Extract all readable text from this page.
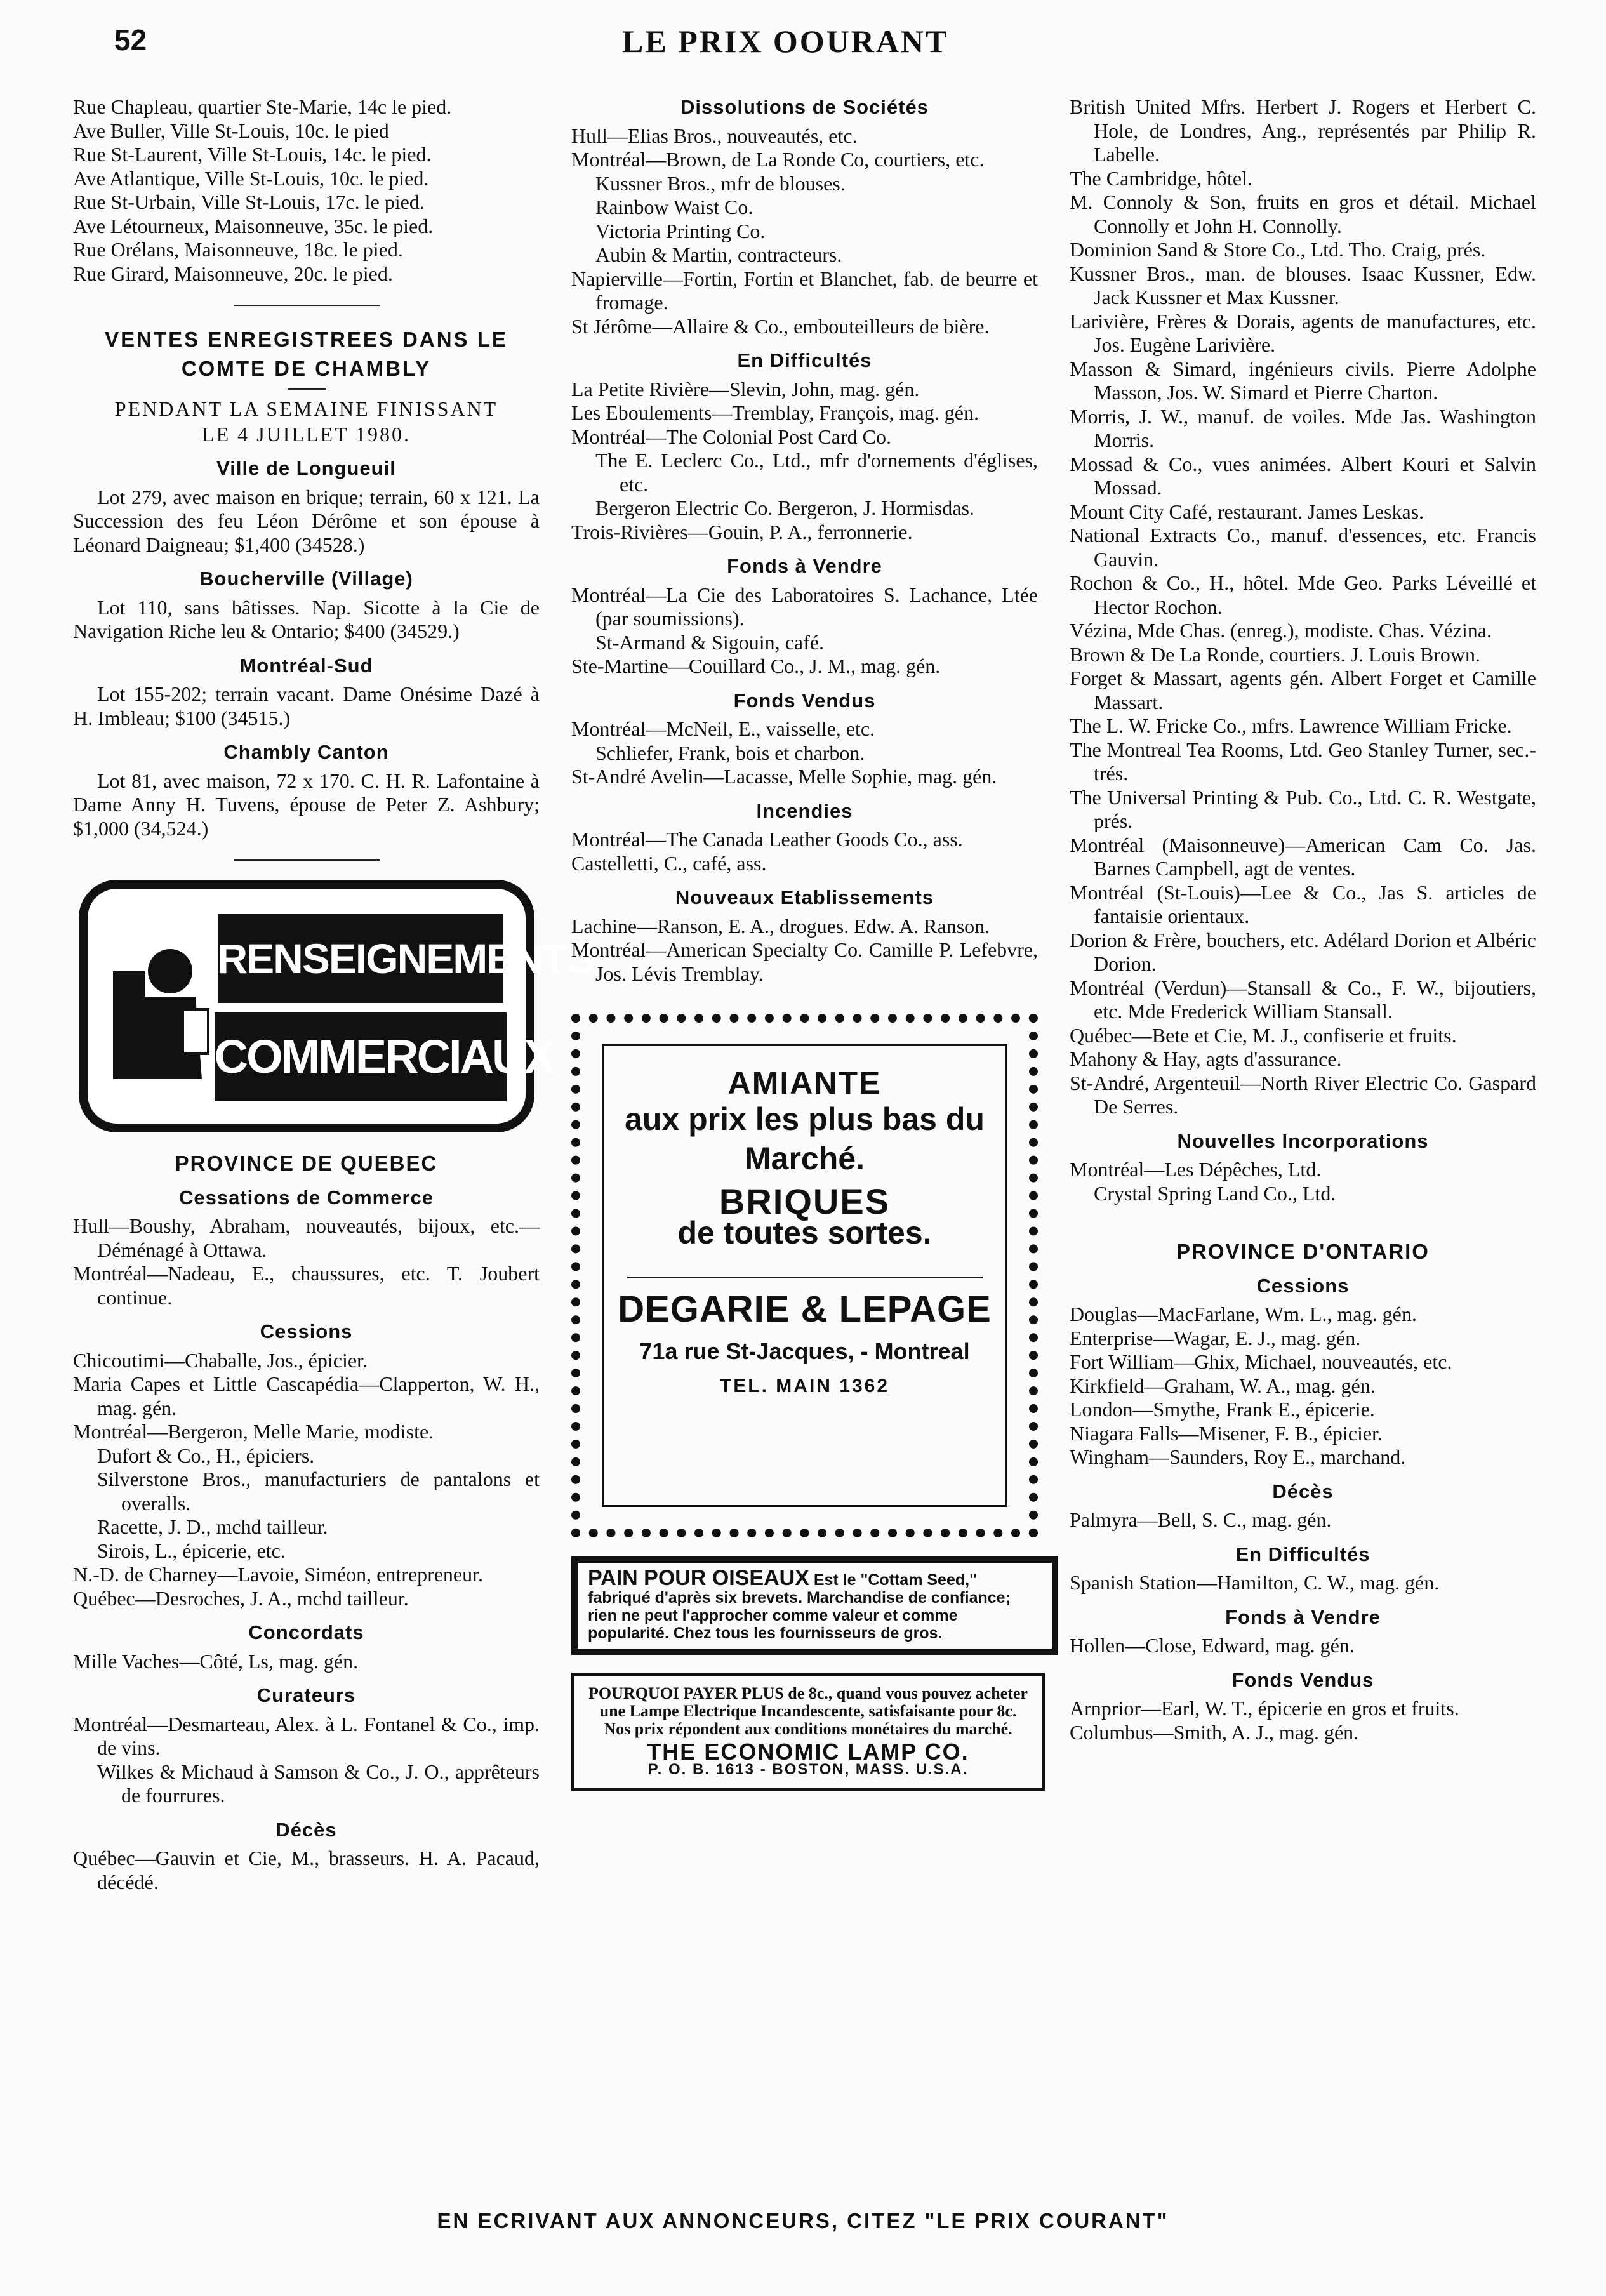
52	LE PRIX OOURANT

Rue Chapleau, quartier Ste-Marie, 14c le pied.

Ave Buller, Ville St-Louis, 10c. le pied

Rue St-Laurent, Ville St-Louis, 14c. le pied.

Ave Atlantique, Ville St-Louis, 10c. le pied.

Rue St-Urbain, Ville St-Louis, 17c. le pied.

Ave Létourneux, Maisonneuve, 35c. le pied.

Rue Orélans, Maisonneuve, 18c. le pied.

Rue Girard, Maisonneuve, 20c. le pied.

VENTES ENREGISTREES DANS LE COMTE DE CHAMBLY
PENDANT LA SEMAINE FINISSANT
LE 4 JUILLET 1980.
Ville de Longueuil

Lot 279, avec maison en brique; terrain, 60 x 121. La Succession des feu Léon Dérôme et son épouse à Léonard Daigneau; $1,400 (34528.)

Boucherville (Village)

Lot 110, sans bâtisses. Nap. Sicotte à la Cie de Navigation Riche leu & Ontario; $400 (34529.)

Montréal-Sud

Lot 155-202; terrain vacant. Dame Onésime Dazé à H. Imbleau; $100 (34515.)

Chambly Canton

Lot 81, avec maison, 72 x 170. C. H. R. Lafontaine à Dame Anny H. Tuvens, épouse de Peter Z. Ashbury; $1,000 (34,524.)

RENSEIGNEMENTS
COMMERCIAUX
PROVINCE DE QUEBEC
Cessations de Commerce

Hull—Boushy, Abraham, nouveautés, bijoux, etc.—Déménagé à Ottawa.

Montréal—Nadeau, E., chaussures, etc. T. Joubert continue.

Cessions

Chicoutimi—Chaballe, Jos., épicier.

Maria Capes et Little Cascapédia—Clapperton, W. H., mag. gén.

Montréal—Bergeron, Melle Marie, modiste.

Dufort & Co., H., épiciers.

Silverstone Bros., manufacturiers de pantalons et overalls.

Racette, J. D., mchd tailleur.

Sirois, L., épicerie, etc.

N.-D. de Charney—Lavoie, Siméon, entrepreneur.

Québec—Desroches, J. A., mchd tailleur.

Concordats

Mille Vaches—Côté, Ls, mag. gén.

Curateurs

Montréal—Desmarteau, Alex. à L. Fontanel & Co., imp. de vins.

Wilkes & Michaud à Samson & Co., J. O., apprêteurs de fourrures.

Décès

Québec—Gauvin et Cie, M., brasseurs. H. A. Pacaud, décédé.

Dissolutions de Sociétés

Hull—Elias Bros., nouveautés, etc.

Montréal—Brown, de La Ronde Co, courtiers, etc.

Kussner Bros., mfr de blouses.

Rainbow Waist Co.

Victoria Printing Co.

Aubin & Martin, contracteurs.

Napierville—Fortin, Fortin et Blanchet, fab. de beurre et fromage.

St Jérôme—Allaire & Co., embouteilleurs de bière.

En Difficultés

La Petite Rivière—Slevin, John, mag. gén.

Les Eboulements—Tremblay, François, mag. gén.

Montréal—The Colonial Post Card Co.

The E. Leclerc Co., Ltd., mfr d'ornements d'églises, etc.

Bergeron Electric Co. Bergeron, J. Hormisdas.

Trois-Rivières—Gouin, P. A., ferronnerie.

Fonds à Vendre

Montréal—La Cie des Laboratoires S. Lachance, Ltée (par soumissions).

St-Armand & Sigouin, café.

Ste-Martine—Couillard Co., J. M., mag. gén.

Fonds Vendus

Montréal—McNeil, E., vaisselle, etc.

Schliefer, Frank, bois et charbon.

St-André Avelin—Lacasse, Melle Sophie, mag. gén.

Incendies

Montréal—The Canada Leather Goods Co., ass.

Castelletti, C., café, ass.

Nouveaux Etablissements

Lachine—Ranson, E. A., drogues. Edw. A. Ranson.

Montréal—American Specialty Co. Camille P. Lefebvre, Jos. Lévis Tremblay.

AMIANTE
aux prix les plus bas du Marché.
BRIQUES
de toutes sortes.
DEGARIE & LEPAGE
71a rue St-Jacques, - Montreal
TEL. MAIN 1362
PAIN POUR OISEAUX Est le "Cottam Seed," fabriqué d'après six brevets. Marchandise de confiance; rien ne peut l'approcher comme valeur et comme popularité. Chez tous les fournisseurs de gros.
POURQUOI PAYER PLUS de 8c., quand vous pouvez acheter une Lampe Electrique Incandescente, satisfaisante pour 8c. Nos prix répondent aux conditions monétaires du marché.
THE ECONOMIC LAMP CO.
P. O. B. 1613 - BOSTON, MASS. U.S.A.

British United Mfrs. Herbert J. Rogers et Herbert C. Hole, de Londres, Ang., représentés par Philip R. Labelle.

The Cambridge, hôtel.

M. Connoly & Son, fruits en gros et détail. Michael Connolly et John H. Connolly.

Dominion Sand & Store Co., Ltd. Tho. Craig, prés.

Kussner Bros., man. de blouses. Isaac Kussner, Edw. Jack Kussner et Max Kussner.

Larivière, Frères & Dorais, agents de manufactures, etc. Jos. Eugène Larivière.

Masson & Simard, ingénieurs civils. Pierre Adolphe Masson, Jos. W. Simard et Pierre Charton.

Morris, J. W., manuf. de voiles. Mde Jas. Washington Morris.

Mossad & Co., vues animées. Albert Kouri et Salvin Mossad.

Mount City Café, restaurant. James Leskas.

National Extracts Co., manuf. d'essences, etc. Francis Gauvin.

Rochon & Co., H., hôtel. Mde Geo. Parks Léveillé et Hector Rochon.

Vézina, Mde Chas. (enreg.), modiste. Chas. Vézina.

Brown & De La Ronde, courtiers. J. Louis Brown.

Forget & Massart, agents gén. Albert Forget et Camille Massart.

The L. W. Fricke Co., mfrs. Lawrence William Fricke.

The Montreal Tea Rooms, Ltd. Geo Stanley Turner, sec.-trés.

The Universal Printing & Pub. Co., Ltd. C. R. Westgate, prés.

Montréal (Maisonneuve)—American Cam Co. Jas. Barnes Campbell, agt de ventes.

Montréal (St-Louis)—Lee & Co., Jas S. articles de fantaisie orientaux.

Dorion & Frère, bouchers, etc. Adélard Dorion et Albéric Dorion.

Montréal (Verdun)—Stansall & Co., F. W., bijoutiers, etc. Mde Frederick William Stansall.

Québec—Bete et Cie, M. J., confiserie et fruits.

Mahony & Hay, agts d'assurance.

St-André, Argenteuil—North River Electric Co. Gaspard De Serres.

Nouvelles Incorporations

Montréal—Les Dépêches, Ltd.

Crystal Spring Land Co., Ltd.

PROVINCE D'ONTARIO
Cessions

Douglas—MacFarlane, Wm. L., mag. gén.

Enterprise—Wagar, E. J., mag. gén.

Fort William—Ghix, Michael, nouveautés, etc.

Kirkfield—Graham, W. A., mag. gén.

London—Smythe, Frank E., épicerie.

Niagara Falls—Misener, F. B., épicier.

Wingham—Saunders, Roy E., marchand.

Décès

Palmyra—Bell, S. C., mag. gén.

En Difficultés

Spanish Station—Hamilton, C. W., mag. gén.

Fonds à Vendre

Hollen—Close, Edward, mag. gén.

Fonds Vendus

Arnprior—Earl, W. T., épicerie en gros et fruits.

Columbus—Smith, A. J., mag. gén.

EN ECRIVANT AUX ANNONCEURS, CITEZ "LE PRIX COURANT"
